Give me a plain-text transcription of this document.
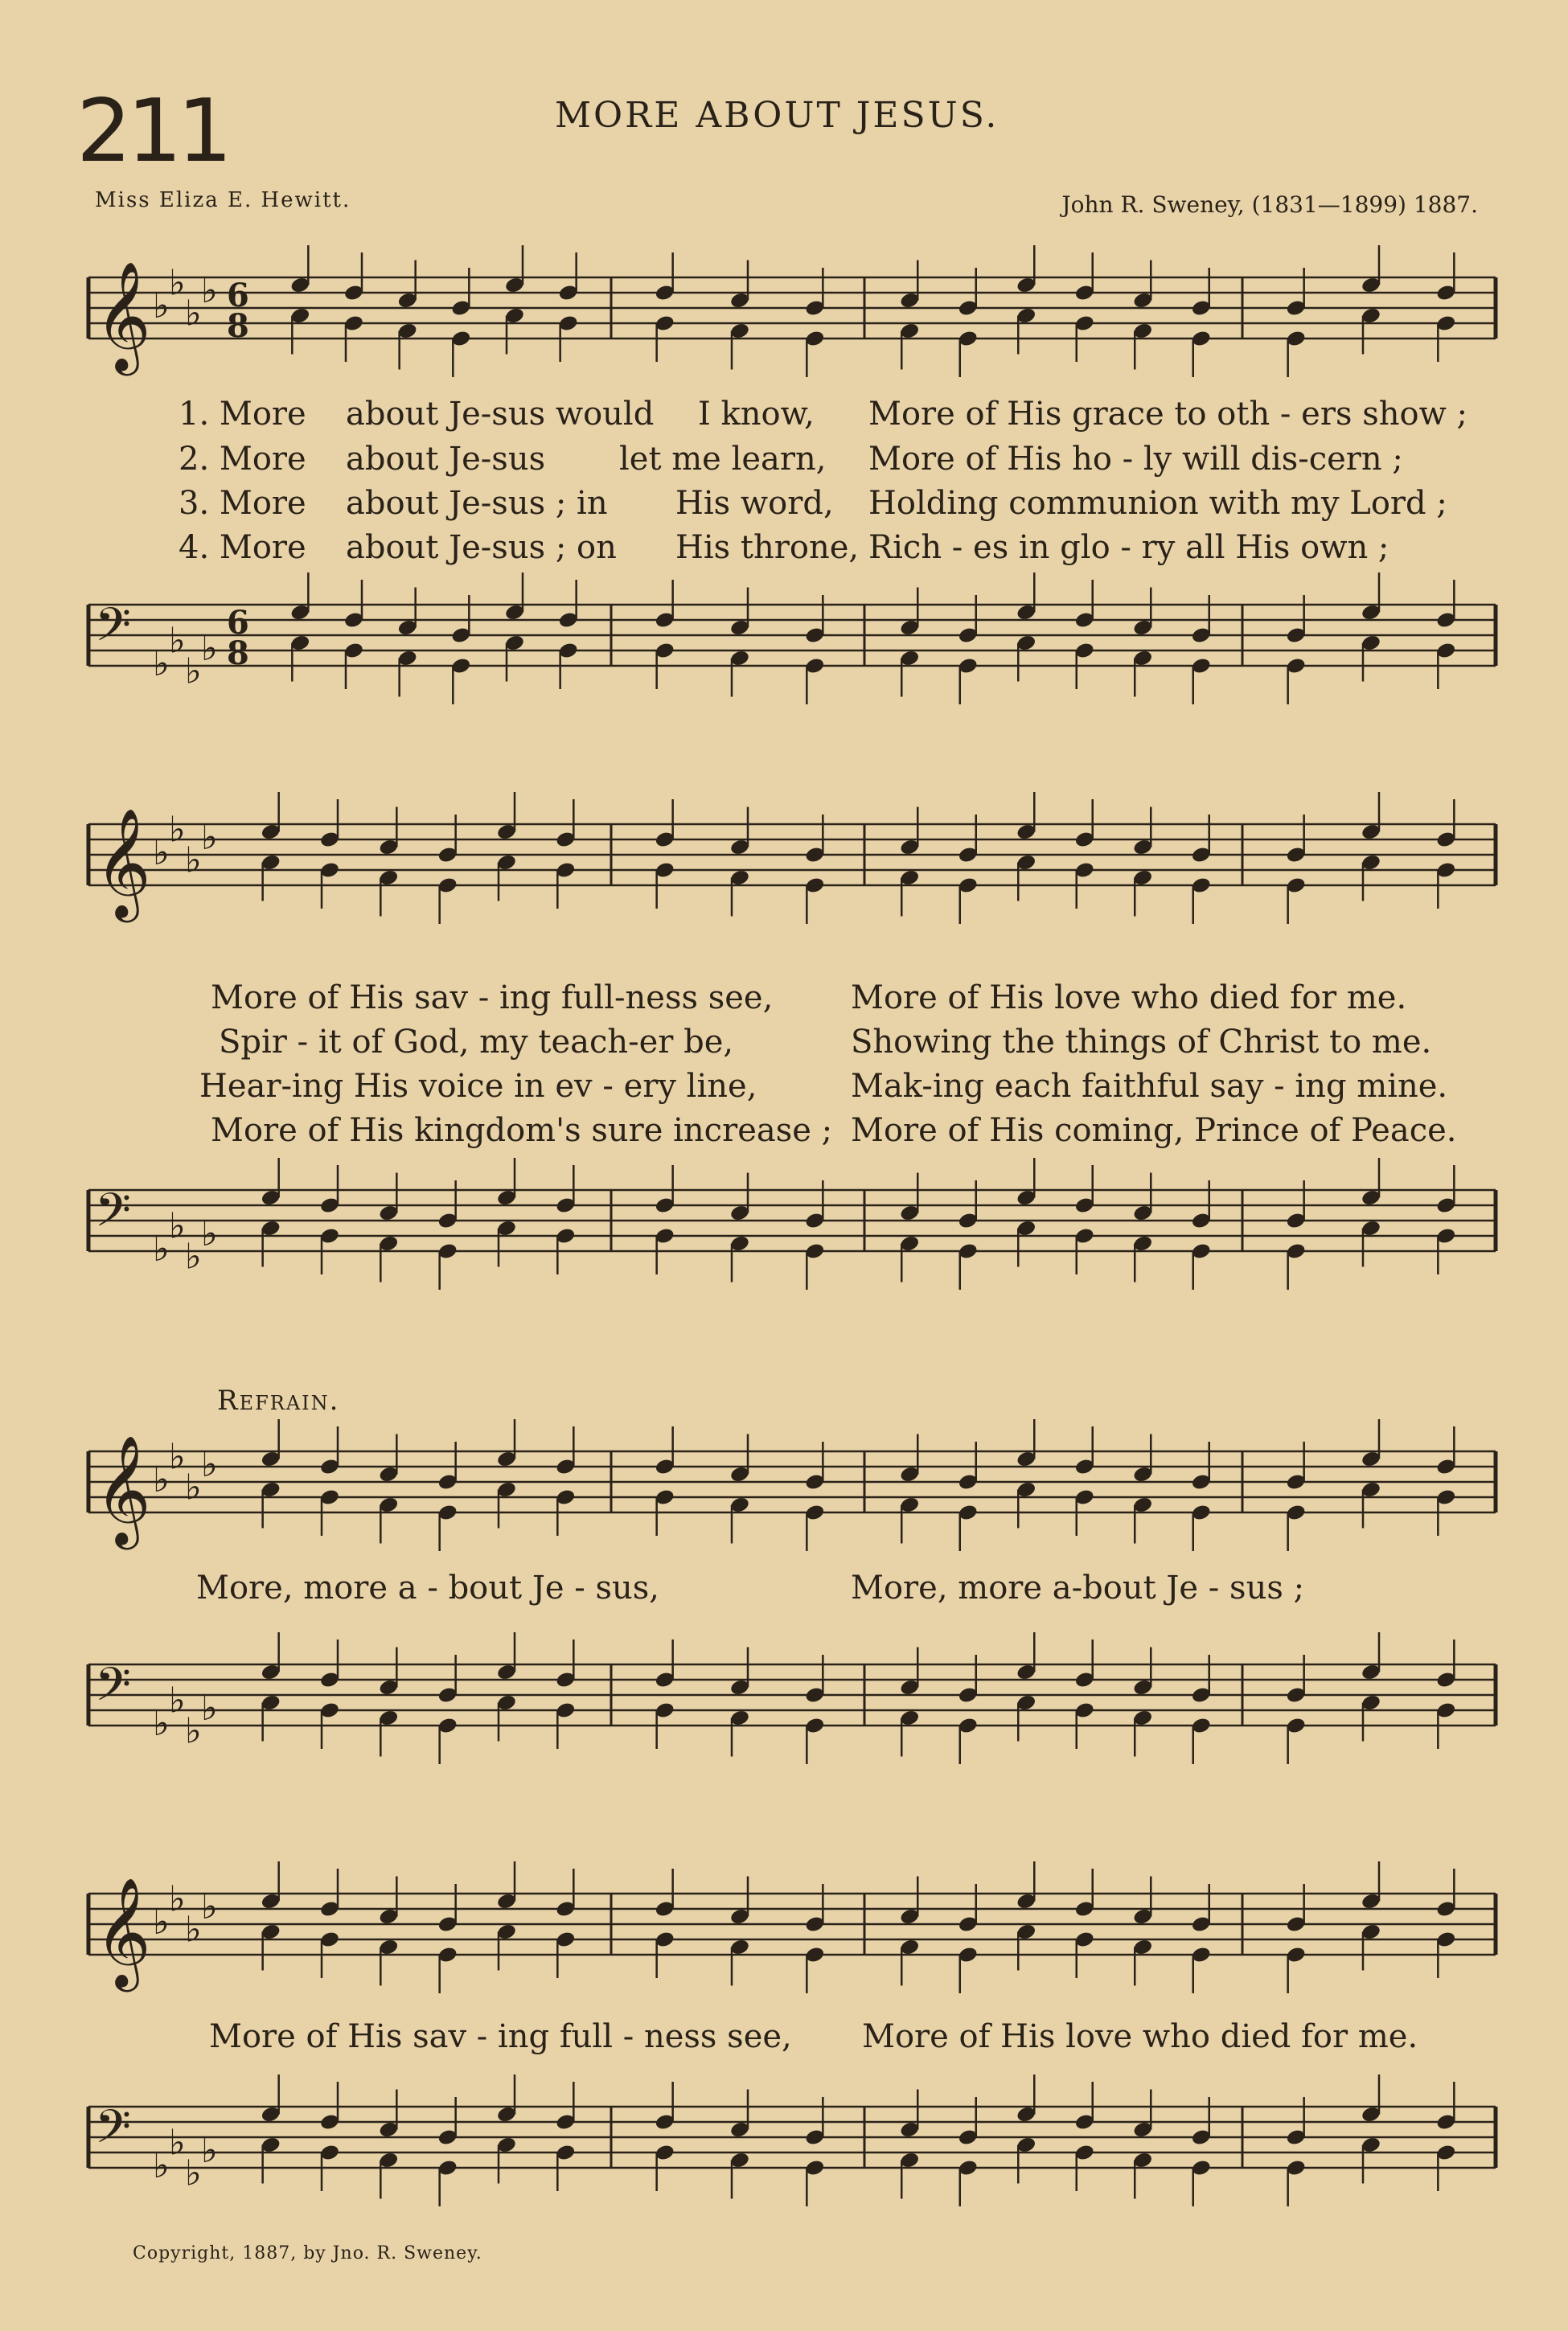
211	MORE ABOUT JESUS.
Miss Eliza E. Hewitt.	John R. Sweney, (1831—1899) 1887.
𝄞 ♭
♭
♭
♭ 6
8
1. More about Je-sus would I know, More of His grace to oth - ers show ;
2. More about Je-sus let me learn, More of His ho - ly will dis-cern ;
3. More about Je-sus ; in His word, Holding communion with my Lord ;
4. More about Je-sus ; on His throne, Rich - es in glo - ry all His own ;
𝄢
♭
♭
♭
♭
6
8
𝄞 ♭
♭
♭
♭
More of His sav - ing full-ness see, More of His love who died for me.
Spir - it of God, my teach-er be,	Showing the things of Christ to me.
Hear-ing His voice in ev - ery line,	Mak-ing each faithful say - ing mine.
More of His kingdom's sure increase ; More of His coming, Prince of Peace.
𝄢
♭
♭
♭
♭
Refrain.
𝄞 ♭
♭
♭
♭
More, more a - bout Je - sus,	More, more a-bout Je - sus ;
𝄢
♭
♭
♭
♭
𝄞 ♭
♭
♭
♭
More of His sav - ing full - ness see, More of His love who died for me.
𝄢
♭
♭
♭
♭
Copyright, 1887, by Jno. R. Sweney.
